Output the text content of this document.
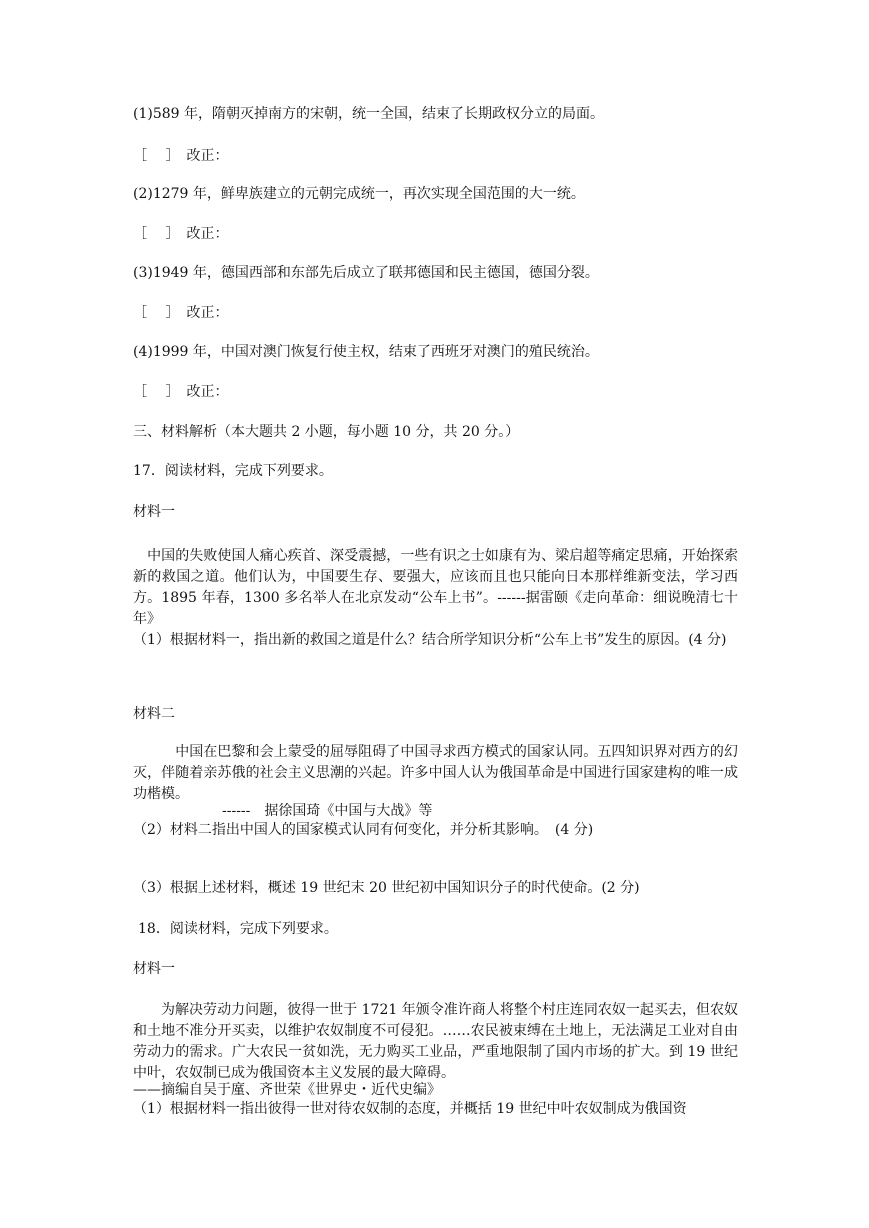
(1)589 年，隋朝灭掉南方的宋朝，统一全国，结束了长期政权分立的局面。
［　 ］　改正：
(2)1279 年，鲜卑族建立的元朝完成统一，再次实现全国范围的大一统。
［　 ］　改正：
(3)1949 年，德国西部和东部先后成立了联邦德国和民主德国，德国分裂。
［　 ］　改正：
(4)1999 年，中国对澳门恢复行使主权，结束了西班牙对澳门的殖民统治。
［　 ］　改正：
三、材料解析（本大题共 2 小题，每小题 10 分，共 20 分。）
17．阅读材料，完成下列要求。
材料一
　中国的失败使国人痛心疾首、深受震撼，一些有识之士如康有为、梁启超等痛定思痛，开始探索新的救国之道。他们认为，中国要生存、要强大，应该而且也只能向日本那样维新变法，学习西方。1895 年春，1300 多名举人在北京发动“公车上书”。------据雷颐《走向革命：细说晚清七十年》
（1）根据材料一，指出新的救国之道是什么？结合所学知识分析“公车上书”发生的原因。(4 分)
材料二
　　　中国在巴黎和会上蒙受的屈辱阻碍了中国寻求西方模式的国家认同。五四知识界对西方的幻灭，伴随着亲苏俄的社会主义思潮的兴起。许多中国人认为俄国革命是中国进行国家建构的唯一成功楷模。
------　据徐国琦《中国与大战》等
（2）材料二指出中国人的国家模式认同有何变化，并分析其影响。　(4 分)
（3）根据上述材料，概述 19 世纪末 20 世纪初中国知识分子的时代使命。(2 分)
18．阅读材料，完成下列要求。
材料一
　　为解决劳动力问题，彼得一世于 1721 年颁令准许商人将整个村庄连同农奴一起买去，但农奴和土地不准分开买卖，以维护农奴制度不可侵犯。……农民被束缚在土地上，无法满足工业对自由劳动力的需求。广大农民一贫如洗，无力购买工业品，严重地限制了国内市场的扩大。到 19 世纪中叶，农奴制已成为俄国资本主义发展的最大障碍。
——摘编自吴于廑、齐世荣《世界史・近代史编》
（1）根据材料一指出彼得一世对待农奴制的态度，并概括 19 世纪中叶农奴制成为俄国资
